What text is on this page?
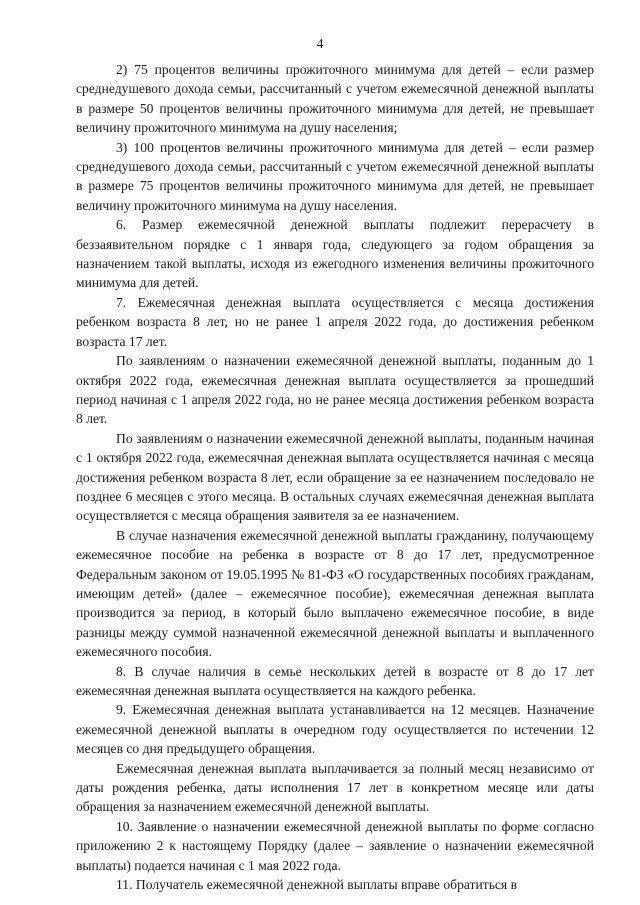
4

2) 75 процентов величины прожиточного минимума для детей – если размер среднедушевого дохода семьи, рассчитанный с учетом ежемесячной денежной выплаты в размере 50 процентов величины прожиточного минимума для детей, не превышает величину прожиточного минимума на душу населения;

3) 100 процентов величины прожиточного минимума для детей – если размер среднедушевого дохода семьи, рассчитанный с учетом ежемесячной денежной выплаты в размере 75 процентов величины прожиточного минимума для детей, не превышает величину прожиточного минимума на душу населения.

6. Размер ежемесячной денежной выплаты подлежит перерасчету в беззаявительном порядке с 1 января года, следующего за годом обращения за назначением такой выплаты, исходя из ежегодного изменения величины прожиточного минимума для детей.

7. Ежемесячная денежная выплата осуществляется с месяца достижения ребенком возраста 8 лет, но не ранее 1 апреля 2022 года, до достижения ребенком возраста 17 лет.

По заявлениям о назначении ежемесячной денежной выплаты, поданным до 1 октября 2022 года, ежемесячная денежная выплата осуществляется за прошедший период начиная с 1 апреля 2022 года, но не ранее месяца достижения ребенком возраста 8 лет.

По заявлениям о назначении ежемесячной денежной выплаты, поданным начиная с 1 октября 2022 года, ежемесячная денежная выплата осуществляется начиная с месяца достижения ребенком возраста 8 лет, если обращение за ее назначением последовало не позднее 6 месяцев с этого месяца. В остальных случаях ежемесячная денежная выплата осуществляется с месяца обращения заявителя за ее назначением.

В случае назначения ежемесячной денежной выплаты гражданину, получающему ежемесячное пособие на ребенка в возрасте от 8 до 17 лет, предусмотренное Федеральным законом от 19.05.1995 № 81-ФЗ «О государственных пособиях гражданам, имеющим детей» (далее – ежемесячное пособие), ежемесячная денежная выплата производится за период, в который было выплачено ежемесячное пособие, в виде разницы между суммой назначенной ежемесячной денежной выплаты и выплаченного ежемесячного пособия.

8. В случае наличия в семье нескольких детей в возрасте от 8 до 17 лет ежемесячная денежная выплата осуществляется на каждого ребенка.

9. Ежемесячная денежная выплата устанавливается на 12 месяцев. Назначение ежемесячной денежной выплаты в очередном году осуществляется по истечении 12 месяцев со дня предыдущего обращения.

Ежемесячная денежная выплата выплачивается за полный месяц независимо от даты рождения ребенка, даты исполнения 17 лет в конкретном месяце или даты обращения за назначением ежемесячной денежной выплаты.

10. Заявление о назначении ежемесячной денежной выплаты по форме согласно приложению 2 к настоящему Порядку (далее – заявление о назначении ежемесячной выплаты) подается начиная с 1 мая 2022 года.

11. Получатель ежемесячной денежной выплаты вправе обратиться в
